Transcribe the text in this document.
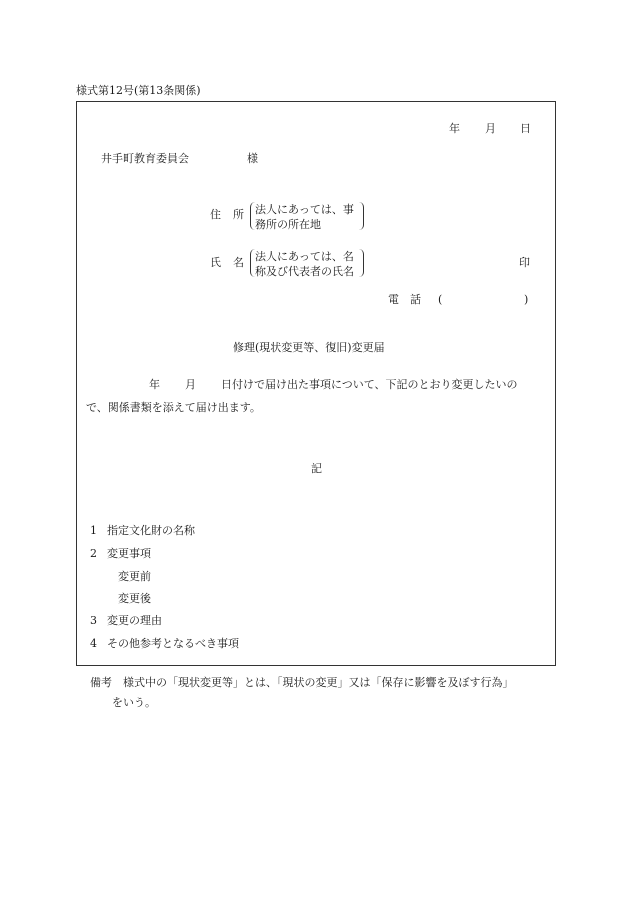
様式第12号(第13条関係)
年 月 日
井手町教育委員会	様
住 所 法人にあっては、事
務所の所在地
氏 名 法人にあっては、名
称及び代表者の氏名
印
電　話 (	)
修理(現状変更等、復旧)変更届
年 月 日付けで届け出た事項について、下記のとおり変更したいの
で、関係書類を添えて届け出ます。
記
1 指定文化財の名称
2 変更事項
変更前
変更後
3 変更の理由
4 その他参考となるべき事項
備考　様式中の「現状変更等」とは、「現状の変更」又は「保存に影響を及ぼす行為」
をいう。
